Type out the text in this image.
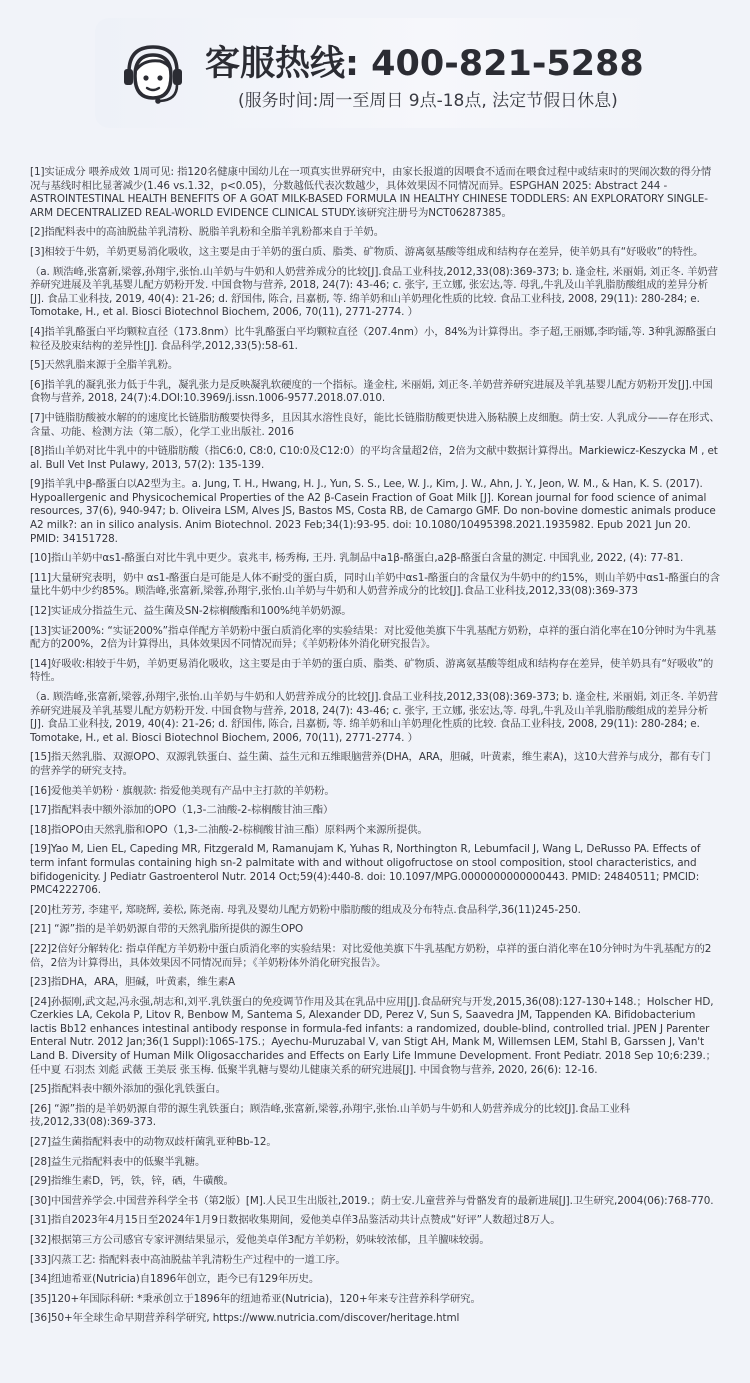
客服热线: 400-821-5288
(服务时间:周一至周日 9点-18点, 法定节假日休息)

[1]实证成分 喂养成效 1周可见: 指120名健康中国幼儿在一项真实世界研究中，由家长报道的因喂食不适而在喂食过程中或结束时的哭闹次数的得分情况与基线时相比显著减少(1.46 vs.1.32，p<0.05)，分数越低代表次数越少，具体效果因不同情况而异。ESPGHAN 2025: Abstract 244 - ASTROINTESTINAL HEALTH BENEFITS OF A GOAT MILK-BASED FORMULA IN HEALTHY CHINESE TODDLERS: AN EXPLORATORY SINGLE-ARM DECENTRALIZED REAL-WORLD EVIDENCE CLINICAL STUDY.该研究注册号为NCT06287385。

[2]指配料表中的高油脱盐羊乳清粉、脱脂羊乳粉和全脂羊乳粉都来自于羊奶。

[3]相较于牛奶，羊奶更易消化吸收，这主要是由于羊奶的蛋白质、脂类、矿物质、游离氨基酸等组成和结构存在差异，使羊奶具有“好吸收”的特性。

（a. 顾浩峰,张富新,梁蓉,孙翔宇,张怡.山羊奶与牛奶和人奶营养成分的比较[J].食品工业科技,2012,33(08):369-373; b. 逢金柱, 米丽娟, 刘正冬. 羊奶营养研究进展及羊乳基婴儿配方奶粉开发. 中国食物与营养, 2018, 24(7): 43-46; c. 张宇, 王立娜, 张宏达,等. 母乳,牛乳及山羊乳脂肪酸组成的差异分析[J]. 食品工业科技, 2019, 40(4): 21-26; d. 舒国伟, 陈合, 吕嘉枥, 等. 绵羊奶和山羊奶理化性质的比较. 食品工业科技, 2008, 29(11): 280-284; e. Tomotake, H., et al. Biosci Biotechnol Biochem, 2006, 70(11), 2771-2774. ）

[4]指羊乳酪蛋白平均颗粒直径（173.8nm）比牛乳酪蛋白平均颗粒直径（207.4nm）小，84%为计算得出。李子超,王丽娜,李昀镭,等. 3种乳源酪蛋白粒径及胶束结构的差异性[J]. 食品科学,2012,33(5):58-61.

[5]天然乳脂来源于全脂羊乳粉。

[6]指羊乳的凝乳张力低于牛乳，凝乳张力是反映凝乳软硬度的一个指标。逢金柱, 米丽娟, 刘正冬.羊奶营养研究进展及羊乳基婴儿配方奶粉开发[J].中国食物与营养, 2018, 24(7):4.DOI:10.3969/j.issn.1006-9577.2018.07.010.

[7]中链脂肪酸被水解的的速度比长链脂肪酸要快得多，且因其水溶性良好，能比长链脂肪酸更快进入肠粘膜上皮细胞。荫士安. 人乳成分——存在形式、含量、功能、检测方法（第二版），化学工业出版社. 2016

[8]指山羊奶对比牛乳中的中链脂肪酸（指C6:0, C8:0, C10:0及C12:0）的平均含量超2倍，2倍为文献中数据计算得出。Markiewicz-Keszycka M , et al. Bull Vet Inst Pulawy, 2013, 57(2): 135-139.

[9]指羊乳中β-酪蛋白以A2型为主。a. Jung, T. H., Hwang, H. J., Yun, S. S., Lee, W. J., Kim, J. W., Ahn, J. Y., Jeon, W. M., & Han, K. S. (2017). Hypoallergenic and Physicochemical Properties of the A2 β-Casein Fraction of Goat Milk [J]. Korean journal for food science of animal resources, 37(6), 940-947; b. Oliveira LSM, Alves JS, Bastos MS, Costa RB, de Camargo GMF. Do non-bovine domestic animals produce A2 milk?: an in silico analysis. Anim Biotechnol. 2023 Feb;34(1):93-95. doi: 10.1080/10495398.2021.1935982. Epub 2021 Jun 20. PMID: 34151728.

[10]指山羊奶中αs1-酪蛋白对比牛乳中更少。袁兆丰, 杨秀梅, 王丹. 乳制品中a1β-酪蛋白,a2β-酪蛋白含量的测定. 中国乳业, 2022, (4): 77-81.

[11]大量研究表明，奶中 αs1-酪蛋白是可能是人体不耐受的蛋白质，同时山羊奶中αs1-酪蛋白的含量仅为牛奶中的约15%，则山羊奶中αs1-酪蛋白的含量比牛奶中少约85%。顾浩峰,张富新,梁蓉,孙翔宇,张怡.山羊奶与牛奶和人奶营养成分的比较[J].食品工业科技,2012,33(08):369-373

[12]实证成分指益生元、益生菌及SN-2棕榈酸酯和100%纯羊奶奶源。

[13]实证200%: “实证200%”指卓佯配方羊奶粉中蛋白质消化率的实验结果：对比爱他美旗下牛乳基配方奶粉，卓祥的蛋白消化率在10分钟时为牛乳基配方的200%，2倍为计算得出，具体效果因不同情况而异；《羊奶粉体外消化研究报告》。

[14]好吸收:相较于牛奶，羊奶更易消化吸收，这主要是由于羊奶的蛋白质、脂类、矿物质、游离氨基酸等组成和结构存在差异，使羊奶具有“好吸收”的特性。

（a. 顾浩峰,张富新,梁蓉,孙翔宇,张怡.山羊奶与牛奶和人奶营养成分的比较[J].食品工业科技,2012,33(08):369-373; b. 逢金柱, 米丽娟, 刘正冬. 羊奶营养研究进展及羊乳基婴儿配方奶粉开发. 中国食物与营养, 2018, 24(7): 43-46; c. 张宇, 王立娜, 张宏达,等. 母乳,牛乳及山羊乳脂肪酸组成的差异分析[J]. 食品工业科技, 2019, 40(4): 21-26; d. 舒国伟, 陈合, 吕嘉枥, 等. 绵羊奶和山羊奶理化性质的比较. 食品工业科技, 2008, 29(11): 280-284; e. Tomotake, H., et al. Biosci Biotechnol Biochem, 2006, 70(11), 2771-2774. ）

[15]指天然乳脂、双源OPO、双源乳铁蛋白、益生菌、益生元和五维眼脑营养(DHA，ARA，胆碱，叶黄素，维生素A)，这10大营养与成分，都有专门的营养学的研究支持。

[16]爱他美羊奶粉 · 旗舰款: 指爱他美现有产品中主打款的羊奶粉。

[17]指配料表中额外添加的OPO（1,3-二油酸-2-棕榈酸甘油三酯）

[18]指OPO由天然乳脂和OPO（1,3-二油酸-2-棕榈酸甘油三酯）原料两个来源所提供。

[19]Yao M, Lien EL, Capeding MR, Fitzgerald M, Ramanujam K, Yuhas R, Northington R, Lebumfacil J, Wang L, DeRusso PA. Effects of term infant formulas containing high sn-2 palmitate with and without oligofructose on stool composition, stool characteristics, and bifidogenicity. J Pediatr Gastroenterol Nutr. 2014 Oct;59(4):440-8. doi: 10.1097/MPG.0000000000000443. PMID: 24840511; PMCID: PMC4222706.

[20]杜芳芳, 李建平, 郑晓辉, 姜松, 陈尧南. 母乳及婴幼儿配方奶粉中脂肪酸的组成及分布特点.食品科学,36(11)245-250.

[21] “源”指的是羊奶奶源自带的天然乳脂所提供的源生OPO

[22]2倍好分解转化: 指卓佯配方羊奶粉中蛋白质消化率的实验结果：对比爱他美旗下牛乳基配方奶粉，卓祥的蛋白消化率在10分钟时为牛乳基配方的2倍，2倍为计算得出，具体效果因不同情况而异；《羊奶粉体外消化研究报告》。

[23]指DHA，ARA，胆碱，叶黄素，维生素A

[24]孙振刚,武文起,冯永强,胡志和,刘平.乳铁蛋白的免疫调节作用及其在乳品中应用[J].食品研究与开发,2015,36(08):127-130+148.；Holscher HD, Czerkies LA, Cekola P, Litov R, Benbow M, Santema S, Alexander DD, Perez V, Sun S, Saavedra JM, Tappenden KA. Bifidobacterium lactis Bb12 enhances intestinal antibody response in formula-fed infants: a randomized, double-blind, controlled trial. JPEN J Parenter Enteral Nutr. 2012 Jan;36(1 Suppl):106S-17S.；Ayechu-Muruzabal V, van Stigt AH, Mank M, Willemsen LEM, Stahl B, Garssen J, Van't Land B. Diversity of Human Milk Oligosaccharides and Effects on Early Life Immune Development. Front Pediatr. 2018 Sep 10;6:239.；任中夏 石羽杰 刘彪 武薇 王美辰 张玉梅. 低聚半乳糖与婴幼儿健康关系的研究进展[J]. 中国食物与营养, 2020, 26(6): 12-16.

[25]指配料表中额外添加的强化乳铁蛋白。

[26] “源”指的是羊奶奶源自带的源生乳铁蛋白；顾浩峰,张富新,梁蓉,孙翔宇,张怡.山羊奶与牛奶和人奶营养成分的比较[J].食品工业科技,2012,33(08):369-373.

[27]益生菌指配料表中的动物双歧杆菌乳亚种Bb-12。

[28]益生元指配料表中的低聚半乳糖。

[29]指维生素D，钙，铁，锌，硒，牛磺酸。

[30]中国营养学会.中国营养科学全书（第2版）[M].人民卫生出版社,2019.；荫士安.儿童营养与骨骼发育的最新进展[J].卫生研究,2004(06):768-770.

[31]指自2023年4月15日至2024年1月9日数据收集期间，爱他美卓佯3品鉴活动共计点赞成“好评”人数超过8万人。

[32]根据第三方公司感官专家评测结果显示，爱他美卓佯3配方羊奶粉，奶味较浓郁，且羊膻味较弱。

[33]闪蒸工艺: 指配料表中高油脱盐羊乳清粉生产过程中的一道工序。

[34]纽迪希亚(Nutricia)自1896年创立，距今已有129年历史。

[35]120+年国际科研: *秉承创立于1896年的纽迪希亚(Nutricia)，120+年来专注营养科学研究。

[36]50+年全球生命早期营养科学研究, https://www.nutricia.com/discover/heritage.html
